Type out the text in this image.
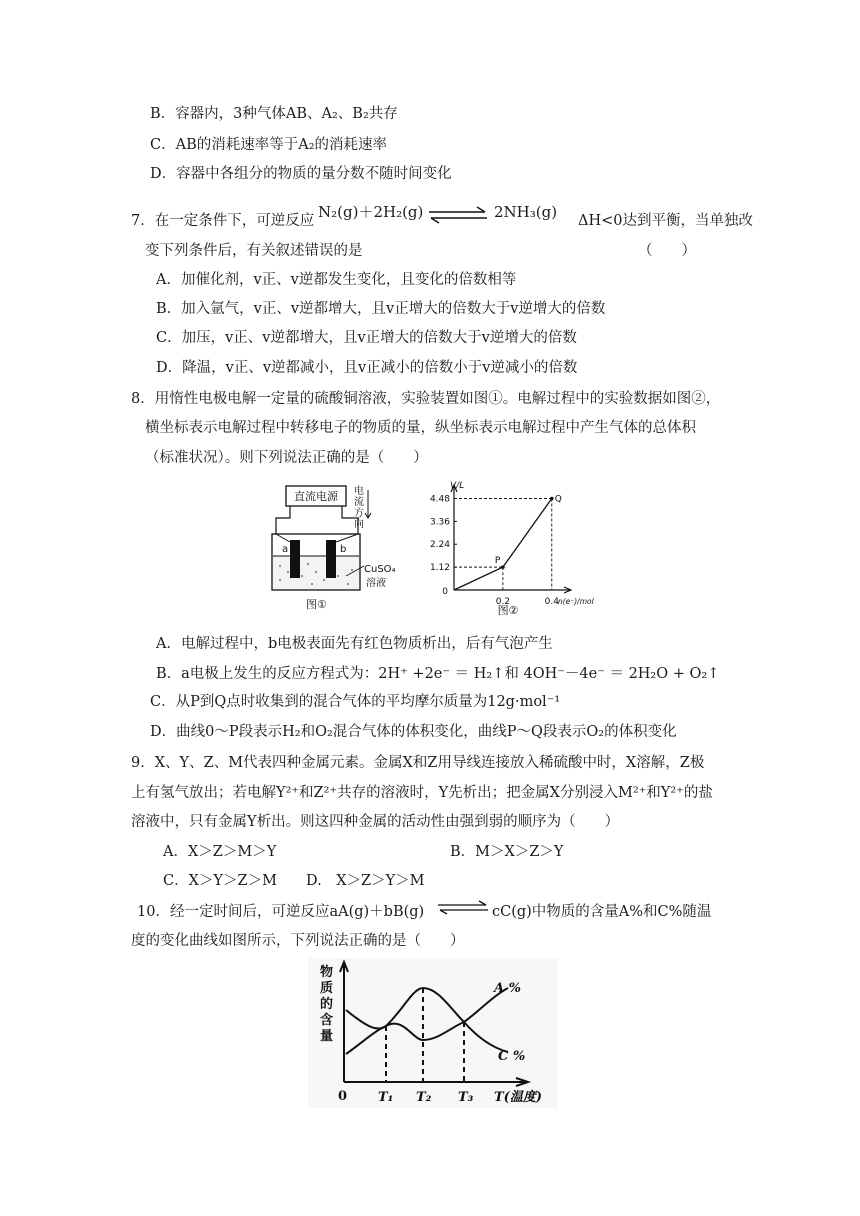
B．容器内，3种气体AB、A₂、B₂共存
C．AB的消耗速率等于A₂的消耗速率
D．容器中各组分的物质的量分数不随时间变化
7．在一定条件下，可逆反应 N₂(g)＋2H₂(g)	2NH₃(g) ΔH<0达到平衡，当单独改
变下列条件后，有关叙述错误的是	（　　）
A．加催化剂，v正、v逆都发生变化，且变化的倍数相等
B．加入氩气，v正、v逆都增大，且v正增大的倍数大于v逆增大的倍数
C．加压，v正、v逆都增大，且v正增大的倍数大于v逆增大的倍数
D．降温，v正、v逆都减小，且v正减小的倍数小于v逆减小的倍数
8．用惰性电极电解一定量的硫酸铜溶液，实验装置如图①。电解过程中的实验数据如图②，
横坐标表示电解过程中转移电子的物质的量，纵坐标表示电解过程中产生气体的总体积
（标准状况）。则下列说法正确的是（　　）
直流电源 电
流
方
向
a	b
CuSO₄
溶液
图①
V/L
n(e⁻)/mol
4.48
3.36
2.24
1.12
0
0.2	0.4
图②
P
Q
A．电解过程中，b电极表面先有红色物质析出，后有气泡产生
B．a电极上发生的反应方程式为：2H⁺ +2e⁻ ＝ H₂↑和 4OH⁻－4e⁻ ＝ 2H₂O + O₂↑
C．从P到Q点时收集到的混合气体的平均摩尔质量为12g·mol⁻¹
D．曲线0～P段表示H₂和O₂混合气体的体积变化，曲线P～Q段表示O₂的体积变化
9．X、Y、Z、M代表四种金属元素。金属X和Z用导线连接放入稀硫酸中时，X溶解，Z极
上有氢气放出；若电解Y²⁺和Z²⁺共存的溶液时，Y先析出；把金属X分别浸入M²⁺和Y²⁺的盐
溶液中，只有金属Y析出。则这四种金属的活动性由强到弱的顺序为（　　）
A．X＞Z＞M＞Y	B．M＞X＞Z＞Y
C．X＞Y＞Z＞M D.　X＞Z＞Y＞M
10．经一定时间后，可逆反应aA(g)＋bB(g) ⇌ cC(g)中物质的含量A%和C%随温
度的变化曲线如图所示，下列说法正确的是（　　）
物
质
的
含
量
A %
C %
0 T₁ T₂ T₃ T(温度)
